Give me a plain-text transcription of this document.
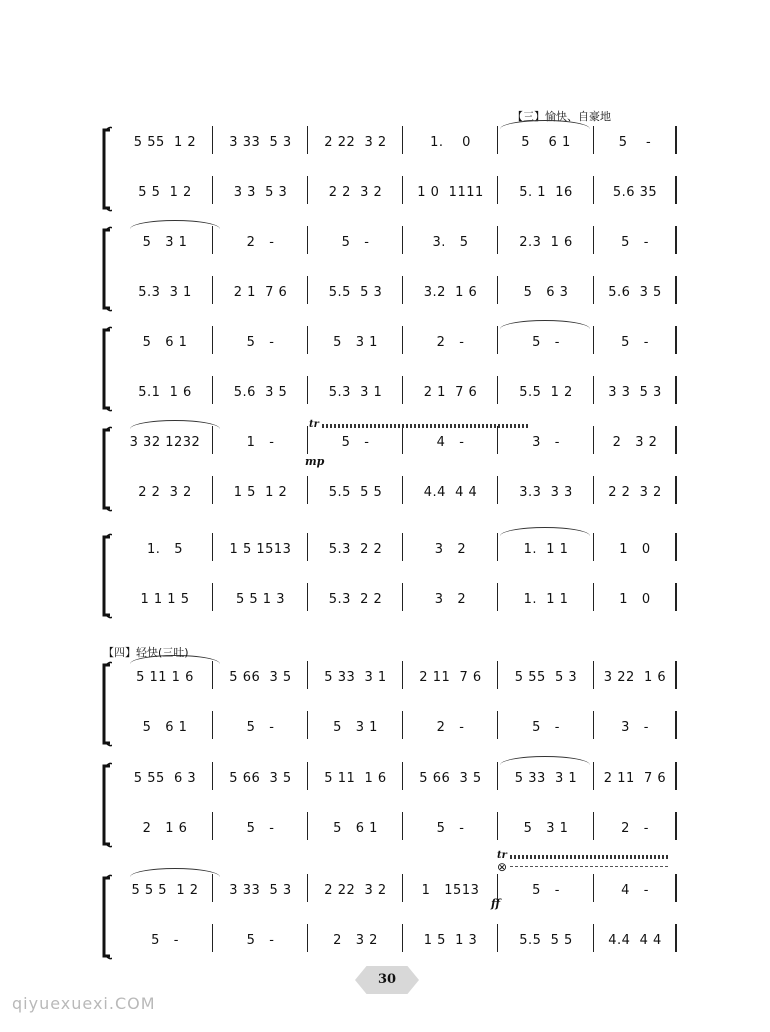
【三】愉快、自豪地
5 55  1 2	3 33  5 3	2 22  3 2	1.    0	5    6 1	5    -
5 5  1 2	3 3  5 3	2 2  3 2	1 0  1111	5. 1  16	5.6 35
5   3 1	2   -	5   -	3.   5	2.3  1 6	5   -
5.3  3 1	2 1  7 6	5.5  5 3	3.2  1 6	5   6 3	5.6  3 5
5   6 1	5   -	5   3 1	2   -	5   -	5   -
5.1  1 6	5.6  3 5	5.3  3 1	2 1  7 6	5.5  1 2	3 3  5 3
3 32 1232	1   -	5   -	4   -	3   -	2   3 2
2 2  3 2	1 5  1 2	5.5  5 5	4.4  4 4	3.3  3 3	2 2  3 2
1.   5	1 5 1513	5.3  2 2	3   2	1.  1 1	1   0
1 1 1 5	5 5 1 3	5.3  2 2	3   2	1.  1 1	1   0
5 11 1 6	5 66  3 5	5 33  3 1	2 11  7 6	5 55  5 3	3 22  1 6
5   6 1	5   -	5   3 1	2   -	5   -	3   -
5 55  6 3	5 66  3 5	5 11  1 6	5 66  3 5	5 33  3 1	2 11  7 6
2   1 6	5   -	5   6 1	5   -	5   3 1	2   -
5 5 5  1 2	3 33  5 3	2 22  3 2	1   1513	5   -	4   -
5   -	5   -	2   3 2	1 5  1 3	5.5  5 5	4.4  4 4
【四】轻快(三吐)
tr
mp
tr
⊗
ff
30
qiyuexuexi.COM
